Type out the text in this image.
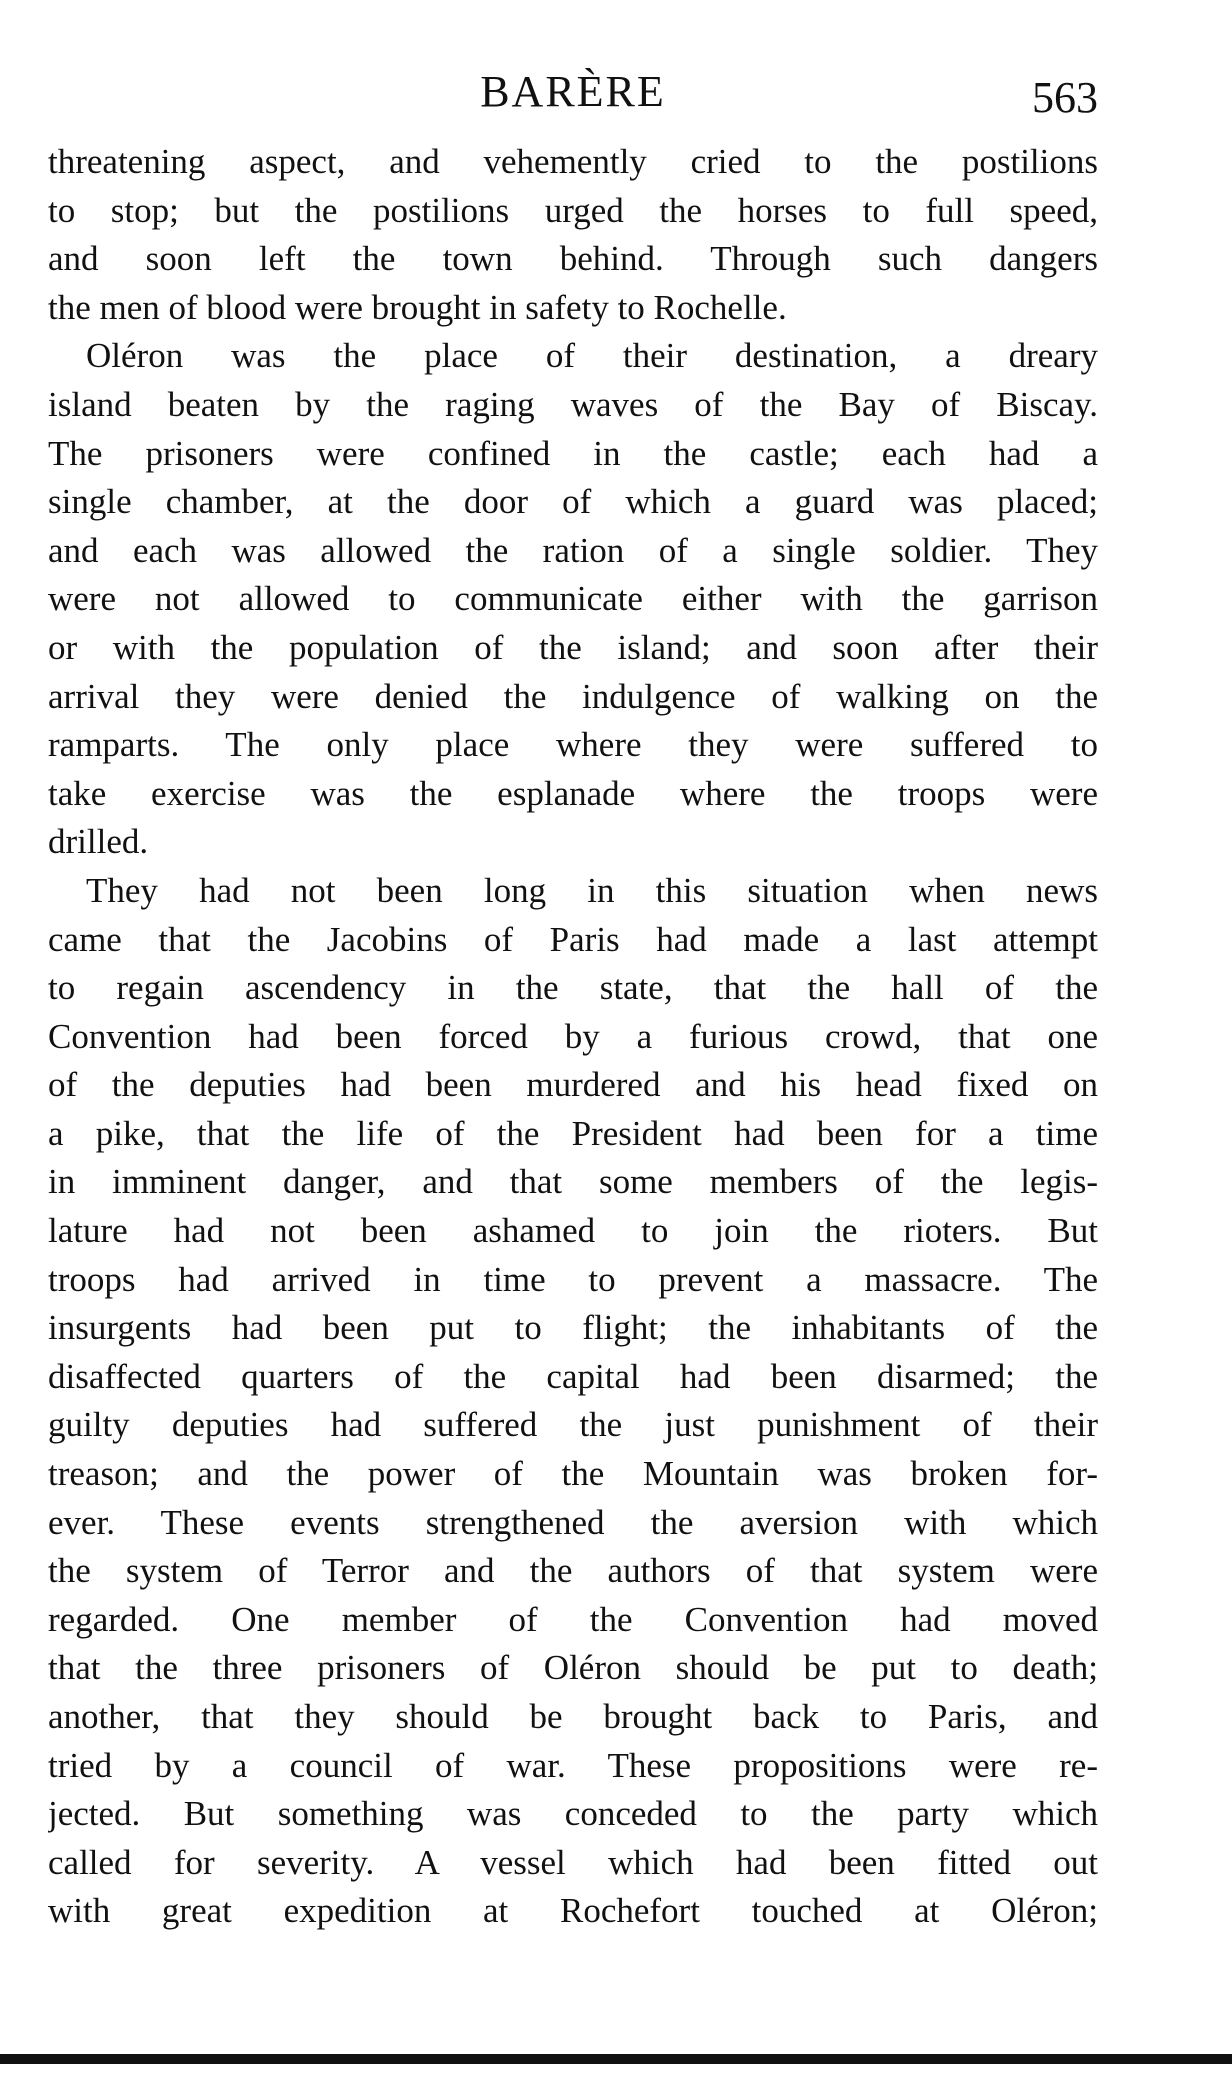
BARÈRE	563
threatening aspect, and vehemently cried to the postilions
to stop; but the postilions urged the horses to full speed,
and soon left the town behind. Through such dangers
the men of blood were brought in safety to Rochelle.
Oléron was the place of their destination, a dreary
island beaten by the raging waves of the Bay of Biscay.
The prisoners were confined in the castle; each had a
single chamber, at the door of which a guard was placed;
and each was allowed the ration of a single soldier. They
were not allowed to communicate either with the garrison
or with the population of the island; and soon after their
arrival they were denied the indulgence of walking on the
ramparts. The only place where they were suffered to
take exercise was the esplanade where the troops were
drilled.
They had not been long in this situation when news
came that the Jacobins of Paris had made a last attempt
to regain ascendency in the state, that the hall of the
Convention had been forced by a furious crowd, that one
of the deputies had been murdered and his head fixed on
a pike, that the life of the President had been for a time
in imminent danger, and that some members of the legis-
lature had not been ashamed to join the rioters. But
troops had arrived in time to prevent a massacre. The
insurgents had been put to flight; the inhabitants of the
disaffected quarters of the capital had been disarmed; the
guilty deputies had suffered the just punishment of their
treason; and the power of the Mountain was broken for-
ever. These events strengthened the aversion with which
the system of Terror and the authors of that system were
regarded. One member of the Convention had moved
that the three prisoners of Oléron should be put to death;
another, that they should be brought back to Paris, and
tried by a council of war. These propositions were re-
jected. But something was conceded to the party which
called for severity. A vessel which had been fitted out
with great expedition at Rochefort touched at Oléron;
